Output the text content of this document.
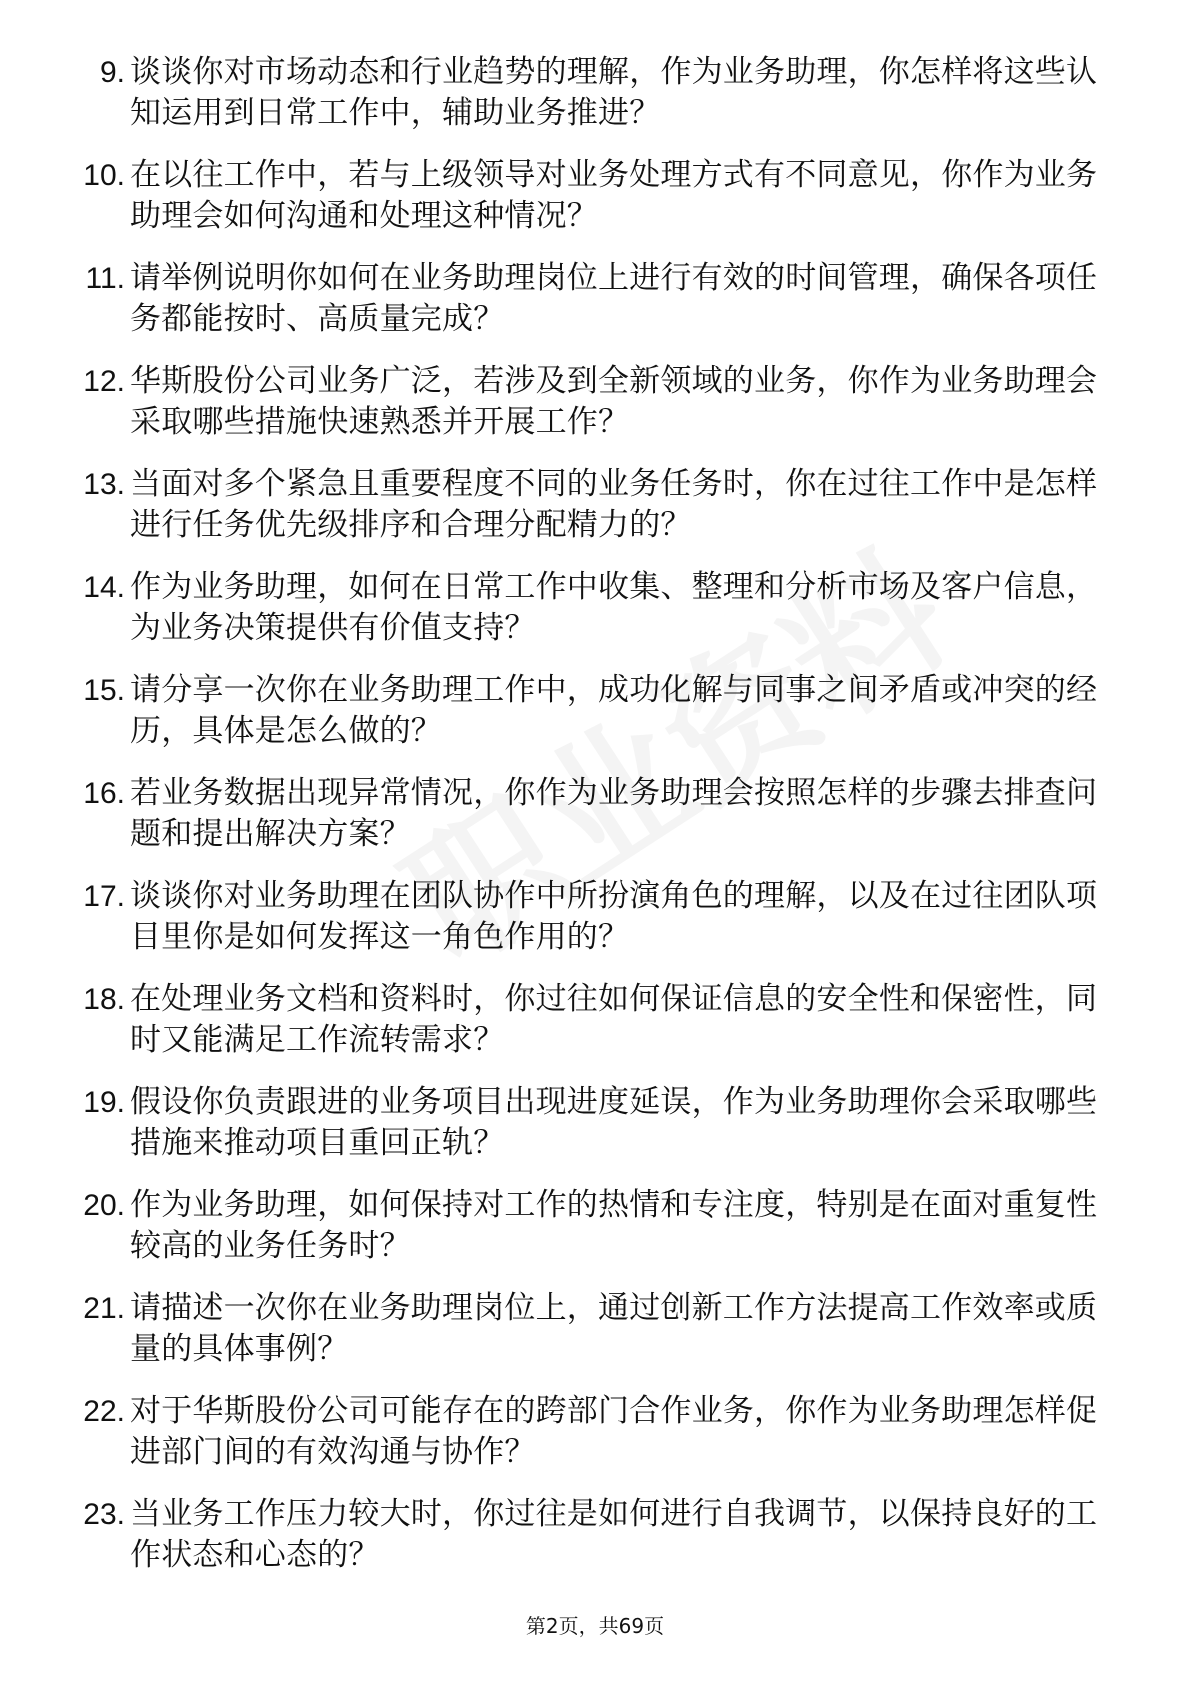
9. 谈谈你对市场动态和行业趋势的理解，作为业务助理，你怎样将这些认知运用到日常工作中，辅助业务推进？
10. 在以往工作中，若与上级领导对业务处理方式有不同意见，你作为业务助理会如何沟通和处理这种情况？
11. 请举例说明你如何在业务助理岗位上进行有效的时间管理，确保各项任务都能按时、高质量完成？
12. 华斯股份公司业务广泛，若涉及到全新领域的业务，你作为业务助理会采取哪些措施快速熟悉并开展工作？
13. 当面对多个紧急且重要程度不同的业务任务时，你在过往工作中是怎样进行任务优先级排序和合理分配精力的？
14. 作为业务助理，如何在日常工作中收集、整理和分析市场及客户信息，为业务决策提供有价值支持？
15. 请分享一次你在业务助理工作中，成功化解与同事之间矛盾或冲突的经历，具体是怎么做的？
16. 若业务数据出现异常情况，你作为业务助理会按照怎样的步骤去排查问题和提出解决方案？
17. 谈谈你对业务助理在团队协作中所扮演角色的理解，以及在过往团队项目里你是如何发挥这一角色作用的？
18. 在处理业务文档和资料时，你过往如何保证信息的安全性和保密性，同时又能满足工作流转需求？
19. 假设你负责跟进的业务项目出现进度延误，作为业务助理你会采取哪些措施来推动项目重回正轨？
20. 作为业务助理，如何保持对工作的热情和专注度，特别是在面对重复性较高的业务任务时？
21. 请描述一次你在业务助理岗位上，通过创新工作方法提高工作效率或质量的具体事例？
22. 对于华斯股份公司可能存在的跨部门合作业务，你作为业务助理怎样促进部门间的有效沟通与协作？
23. 当业务工作压力较大时，你过往是如何进行自我调节，以保持良好的工作状态和心态的？
第2页，共69页
